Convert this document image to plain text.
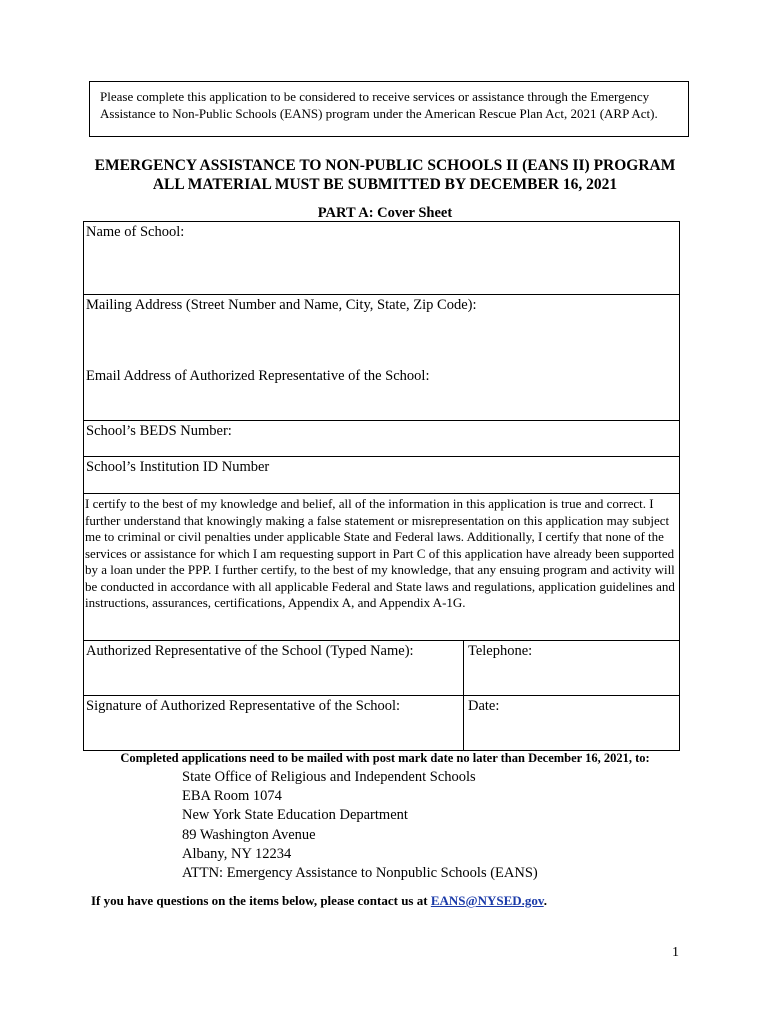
Please complete this application to be considered to receive services or assistance through the Emergency Assistance to Non-Public Schools (EANS) program under the American Rescue Plan Act, 2021 (ARP Act).
EMERGENCY ASSISTANCE TO NON-PUBLIC SCHOOLS II (EANS II) PROGRAM
ALL MATERIAL MUST BE SUBMITTED BY DECEMBER 16, 2021
PART A: Cover Sheet
Name of School:
Mailing Address (Street Number and Name, City, State, Zip Code):
Email Address of Authorized Representative of the School:
School’s BEDS Number:
School’s Institution ID Number
I certify to the best of my knowledge and belief, all of the information in this application is true and correct. I further understand that knowingly making a false statement or misrepresentation on this application may subject me to criminal or civil penalties under applicable State and Federal laws. Additionally, I certify that none of the services or assistance for which I am requesting support in Part C of this application have already been supported by a loan under the PPP. I further certify, to the best of my knowledge, that any ensuing program and activity will be conducted in accordance with all applicable Federal and State laws and regulations, application guidelines and instructions, assurances, certifications, Appendix A, and Appendix A-1G.
Authorized Representative of the School (Typed Name):	Telephone:
Signature of Authorized Representative of the School:	Date:
Completed applications need to be mailed with post mark date no later than December 16, 2021, to:
State Office of Religious and Independent Schools
EBA Room 1074
New York State Education Department
89 Washington Avenue
Albany, NY 12234
ATTN: Emergency Assistance to Nonpublic Schools (EANS)
If you have questions on the items below, please contact us at EANS@NYSED.gov.
1
